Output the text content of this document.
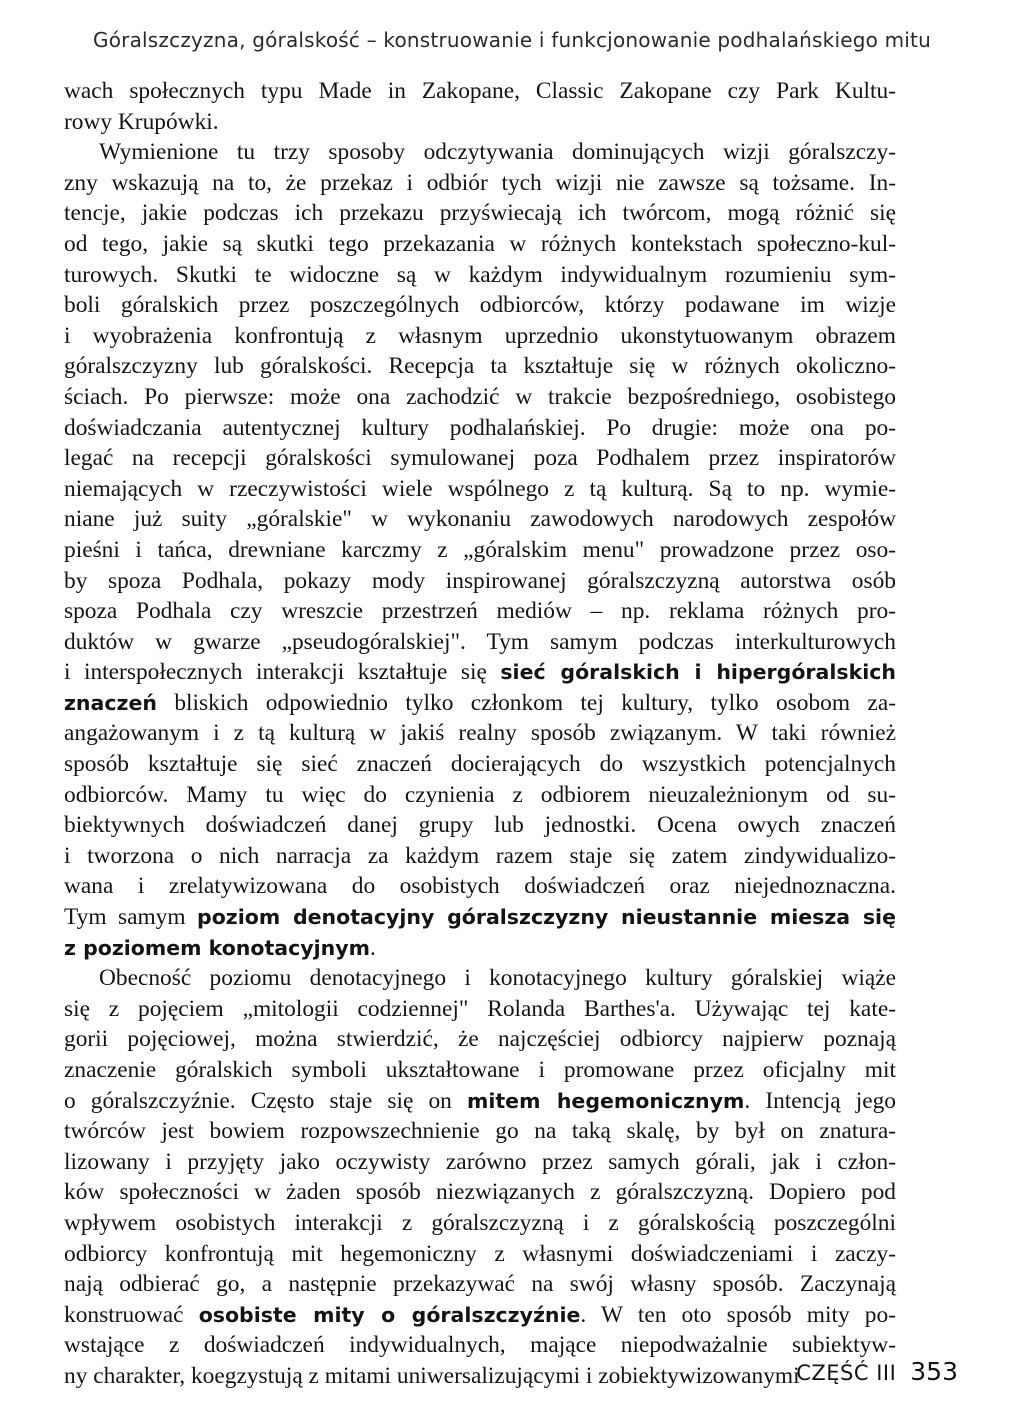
Góralszczyzna, góralskość – konstruowanie i funkcjonowanie podhalańskiego mitu
wach społecznych typu Made in Zakopane, Classic Zakopane czy Park Kultu-
rowy Krupówki.
Wymienione tu trzy sposoby odczytywania dominujących wizji góralszczy-
zny wskazują na to, że przekaz i odbiór tych wizji nie zawsze są tożsame. In-
tencje, jakie podczas ich przekazu przyświecają ich twórcom, mogą różnić się
od tego, jakie są skutki tego przekazania w różnych kontekstach społeczno-kul-
turowych. Skutki te widoczne są w każdym indywidualnym rozumieniu sym-
boli góralskich przez poszczególnych odbiorców, którzy podawane im wizje
i wyobrażenia konfrontują z własnym uprzednio ukonstytuowanym obrazem
góralszczyzny lub góralskości. Recepcja ta kształtuje się w różnych okoliczno-
ściach. Po pierwsze: może ona zachodzić w trakcie bezpośredniego, osobistego
doświadczania autentycznej kultury podhalańskiej. Po drugie: może ona po-
legać na recepcji góralskości symulowanej poza Podhalem przez inspiratorów
niemających w rzeczywistości wiele wspólnego z tą kulturą. Są to np. wymie-
niane już suity „góralskie" w wykonaniu zawodowych narodowych zespołów
pieśni i tańca, drewniane karczmy z „góralskim menu" prowadzone przez oso-
by spoza Podhala, pokazy mody inspirowanej góralszczyzną autorstwa osób
spoza Podhala czy wreszcie przestrzeń mediów – np. reklama różnych pro-
duktów w gwarze „pseudogóralskiej". Tym samym podczas interkulturowych
i interspołecznych interakcji kształtuje się sieć góralskich i hipergóralskich
znaczeń bliskich odpowiednio tylko członkom tej kultury, tylko osobom za-
angażowanym i z tą kulturą w jakiś realny sposób związanym. W taki również
sposób kształtuje się sieć znaczeń docierających do wszystkich potencjalnych
odbiorców. Mamy tu więc do czynienia z odbiorem nieuzależnionym od su-
biektywnych doświadczeń danej grupy lub jednostki. Ocena owych znaczeń
i tworzona o nich narracja za każdym razem staje się zatem zindywidualizo-
wana i zrelatywizowana do osobistych doświadczeń oraz niejednoznaczna.
Tym samym poziom denotacyjny góralszczyzny nieustannie miesza się
z poziomem konotacyjnym.
Obecność poziomu denotacyjnego i konotacyjnego kultury góralskiej wiąże
się z pojęciem „mitologii codziennej" Rolanda Barthes'a. Używając tej kate-
gorii pojęciowej, można stwierdzić, że najczęściej odbiorcy najpierw poznają
znaczenie góralskich symboli ukształtowane i promowane przez oficjalny mit
o góralszczyźnie. Często staje się on mitem hegemonicznym. Intencją jego
twórców jest bowiem rozpowszechnienie go na taką skalę, by był on znatura-
lizowany i przyjęty jako oczywisty zarówno przez samych górali, jak i człon-
ków społeczności w żaden sposób niezwiązanych z góralszczyzną. Dopiero pod
wpływem osobistych interakcji z góralszczyzną i z góralskością poszczególni
odbiorcy konfrontują mit hegemoniczny z własnymi doświadczeniami i zaczy-
nają odbierać go, a następnie przekazywać na swój własny sposób. Zaczynają
konstruować osobiste mity o góralszczyźnie. W ten oto sposób mity po-
wstające z doświadczeń indywidualnych, mające niepodważalnie subiektyw-
ny charakter, koegzystują z mitami uniwersalizującymi i zobiektywizowanymi
CZĘŚĆ III 353
